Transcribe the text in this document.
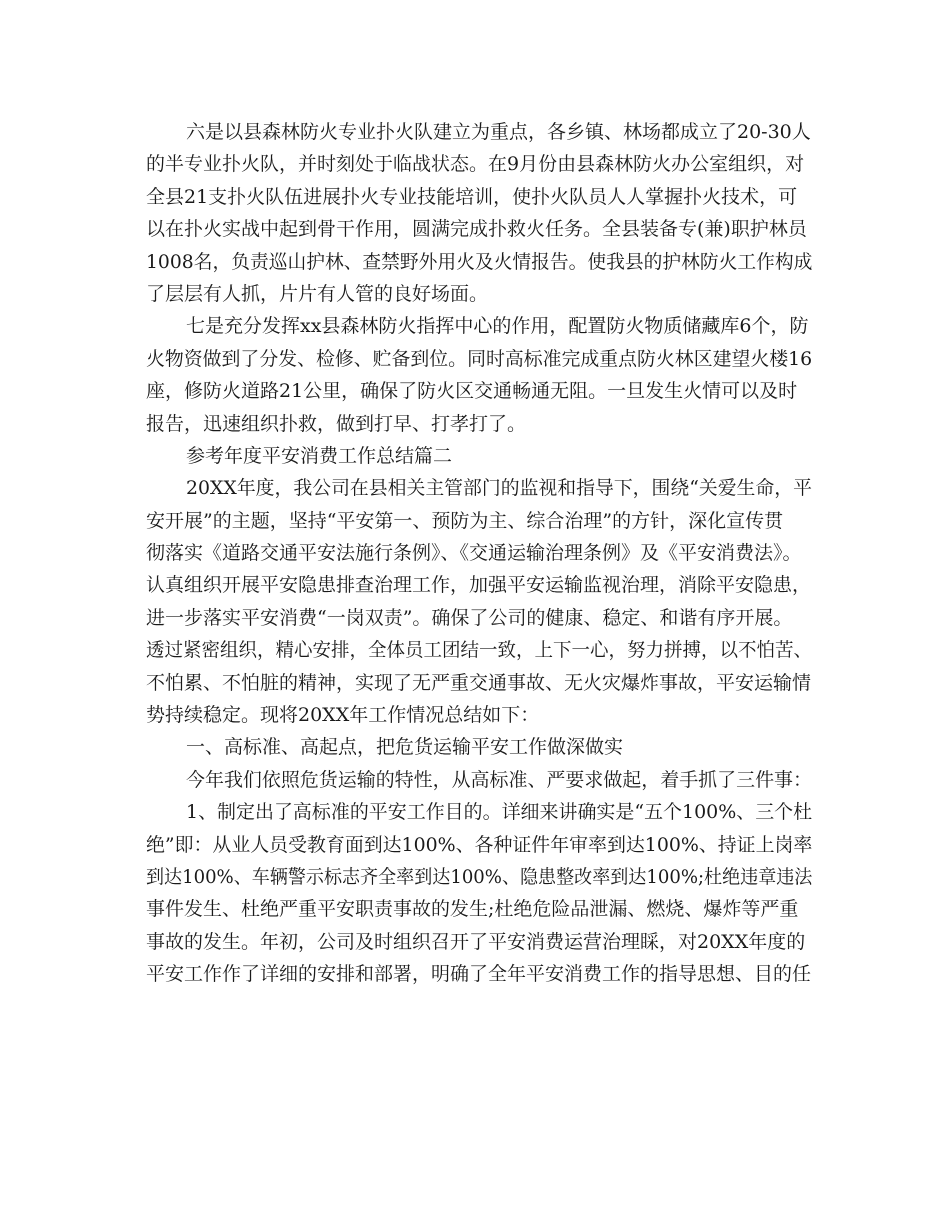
六是以县森林防火专业扑火队建立为重点，各乡镇、林场都成立了20-30人
的半专业扑火队，并时刻处于临战状态。在9月份由县森林防火办公室组织，对
全县21支扑火队伍进展扑火专业技能培训，使扑火队员人人掌握扑火技术，可
以在扑火实战中起到骨干作用，圆满完成扑救火任务。全县装备专(兼)职护林员
1008名，负责巡山护林、查禁野外用火及火情报告。使我县的护林防火工作构成
了层层有人抓，片片有人管的良好场面。
七是充分发挥xx县森林防火指挥中心的作用，配置防火物质储藏库6个，防
火物资做到了分发、检修、贮备到位。同时高标准完成重点防火林区建望火楼16
座，修防火道路21公里，确保了防火区交通畅通无阻。一旦发生火情可以及时
报告，迅速组织扑救，做到打早、打孝打了。
参考年度平安消费工作总结篇二
20XX年度，我公司在县相关主管部门的监视和指导下，围绕“关爱生命，平
安开展”的主题，坚持“平安第一、预防为主、综合治理”的方针，深化宣传贯
彻落实《道路交通平安法施行条例》、《交通运输治理条例》及《平安消费法》。
认真组织开展平安隐患排查治理工作，加强平安运输监视治理，消除平安隐患，
进一步落实平安消费“一岗双责”。确保了公司的健康、稳定、和谐有序开展。
透过紧密组织，精心安排，全体员工团结一致，上下一心，努力拼搏，以不怕苦、
不怕累、不怕脏的精神，实现了无严重交通事故、无火灾爆炸事故，平安运输情
势持续稳定。现将20XX年工作情况总结如下：
一、高标准、高起点，把危货运输平安工作做深做实
今年我们依照危货运输的特性，从高标准、严要求做起，着手抓了三件事：
1、制定出了高标准的平安工作目的。详细来讲确实是“五个100%、三个杜
绝”即：从业人员受教育面到达100%、各种证件年审率到达100%、持证上岗率
到达100%、车辆警示标志齐全率到达100%、隐患整改率到达100%;杜绝违章违法
事件发生、杜绝严重平安职责事故的发生;杜绝危险品泄漏、燃烧、爆炸等严重
事故的发生。年初，公司及时组织召开了平安消费运营治理睬，对20XX年度的
平安工作作了详细的安排和部署，明确了全年平安消费工作的指导思想、目的任
